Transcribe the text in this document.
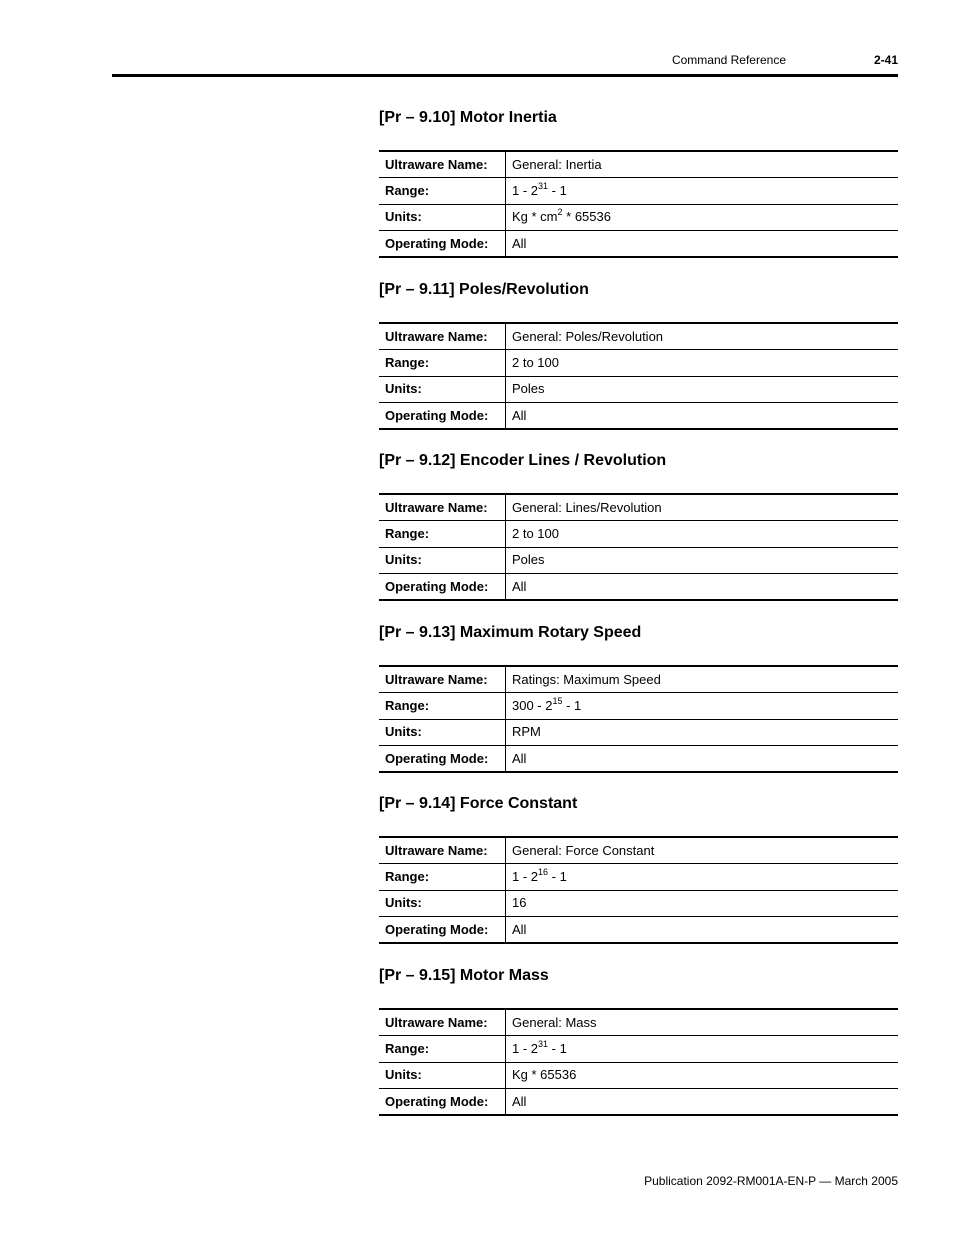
Command Reference	2-41
[Pr – 9.10] Motor Inertia
Ultraware Name:	General: Inertia
Range:	$1 - 2^{31} - 1$
Units:	Kg * $cm^2 * 65536$
Operating Mode:	All
[Pr – 9.11] Poles/Revolution
Ultraware Name:	General: Poles/Revolution
Range:	2 to 100
Units:	Poles
Operating Mode:	All
[Pr – 9.12] Encoder Lines / Revolution
Ultraware Name:	General: Lines/Revolution
Range:	2 to 100
Units:	Poles
Operating Mode:	All
[Pr – 9.13] Maximum Rotary Speed
Ultraware Name:	Ratings: Maximum Speed
Range:	$300 - 2^{15} - 1$
Units:	RPM
Operating Mode:	All
[Pr – 9.14] Force Constant
Ultraware Name:	General: Force Constant
Range:	$1 - 2^{16} - 1$
Units:	16
Operating Mode:	All
[Pr – 9.15] Motor Mass
Ultraware Name:	General: Mass
Range:	$1 - 2^{31} - 1$
Units:	Kg * 65536
Operating Mode:	All
Publication 2092-RM001A-EN-P — March 2005
